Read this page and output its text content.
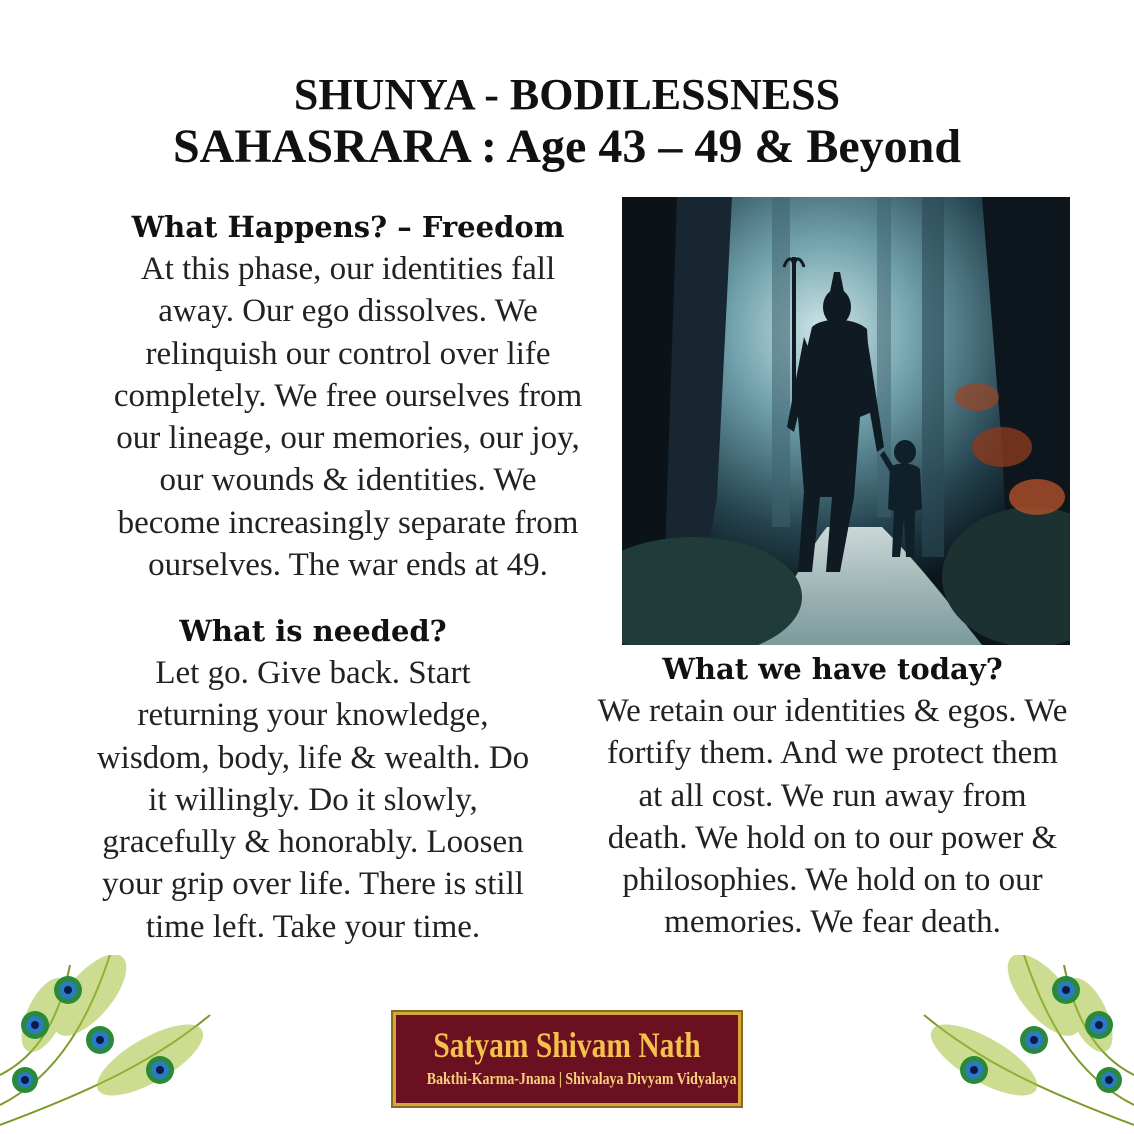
SHUNYA - BODILESSNESS
SAHASRARA : Age 43 – 49 & Beyond
What Happens? – Freedom

At this phase, our identities fall
away. Our ego dissolves. We
relinquish our control over life
completely. We free ourselves from
our lineage, our memories, our joy,
our wounds & identities. We
become increasingly separate from
ourselves. The war ends at 49.

What is needed?

Let go. Give back. Start
returning your knowledge,
wisdom, body, life & wealth. Do
it willingly. Do it slowly,
gracefully & honorably. Loosen
your grip over life. There is still
time left. Take your time.

What we have today?

We retain our identities & egos. We
fortify them. And we protect them
at all cost. We run away from
death. We hold on to our power &
philosophies. We hold on to our
memories. We fear death.

Satyam Shivam Nath
Bakthi-Karma-Jnana | Shivalaya Divyam Vidyalaya
